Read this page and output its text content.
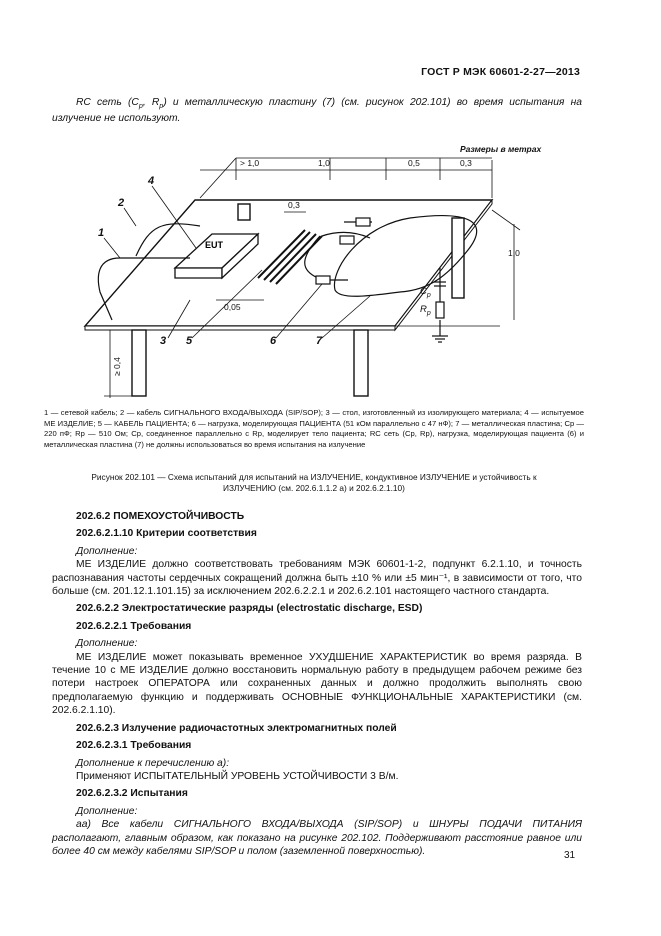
ГОСТ Р МЭК 60601-2-27—2013
RC сеть ($C_р$, $R_р$) и металлическую пластину (7) (см. рисунок 202.101) во время испытания на излучение не используют.
EUT
Размеры в метрах
> 1,0	1,0	0,5	0,3
0,3
0,05
1,0
≥ 0,4
1
2
3
4
5	6	7
$C_p$
$R_p$
1 — сетевой кабель; 2 — кабель СИГНАЛЬНОГО ВХОДА/ВЫХОДА (SIP/SOP); 3 — стол, изготовленный из изолирующего материала; 4 — испытуемое МЕ ИЗДЕЛИЕ; 5 — КАБЕЛЬ ПАЦИЕНТА; 6 — нагрузка, моделирующая ПАЦИЕНТА (51 кОм параллельно с 47 нФ); 7 — металлическая пластина; Cр — 220 пФ; Rр — 510 Ом; Cр, соединенное параллельно с Rр, моделирует тело пациента; RC сеть (Cр, Rр), нагрузка, моделирующая пациента (6) и металлическая пластина (7) не должны использоваться во время испытания на излучение
Рисунок 202.101 — Схема испытаний для испытаний на ИЗЛУЧЕНИЕ, кондуктивное ИЗЛУЧЕНИЕ и устойчивость к
ИЗЛУЧЕНИЮ (см. 202.6.1.1.2 a) и 202.6.2.1.10)
202.6.2 ПОМЕХОУСТОЙЧИВОСТЬ
202.6.2.1.10 Критерии соответствия
Дополнение:
МЕ ИЗДЕЛИЕ должно соответствовать требованиям МЭК 60601-1-2, подпункт 6.2.1.10, и точность распознавания частоты сердечных сокращений должна быть ±10 % или ±5 мин⁻¹, в зависимости от того, что больше (см. 201.12.1.101.15) за исключением 202.6.2.2.1 и 202.6.2.101 настоящего частного стандарта.
202.6.2.2 Электростатические разряды (electrostatic discharge, ESD)
202.6.2.2.1 Требования
Дополнение:
МЕ ИЗДЕЛИЕ может показывать временное УХУДШЕНИЕ ХАРАКТЕРИСТИК во время разряда. В течение 10 с МЕ ИЗДЕЛИЕ должно восстановить нормальную работу в предыдущем рабочем режиме без потери настроек ОПЕРАТОРА или сохраненных данных и должно продолжить выполнять свою предполагаемую функцию и поддерживать ОСНОВНЫЕ ФУНКЦИОНАЛЬНЫЕ ХАРАКТЕРИСТИКИ (см. 202.6.2.1.10).
202.6.2.3 Излучение радиочастотных электромагнитных полей
202.6.2.3.1 Требования
Дополнение к перечислению а):
Применяют ИСПЫТАТЕЛЬНЫЙ УРОВЕНЬ УСТОЙЧИВОСТИ 3 В/м.
202.6.2.3.2 Испытания
Дополнение:
аа) Все кабели СИГНАЛЬНОГО ВХОДА/ВЫХОДА (SIP/SOP) и ШНУРЫ ПОДАЧИ ПИТАНИЯ располагают, главным образом, как показано на рисунке 202.102. Поддерживают расстояние равное или более 40 см между кабелями SIP/SOP и полом (заземленной поверхностью).	31
